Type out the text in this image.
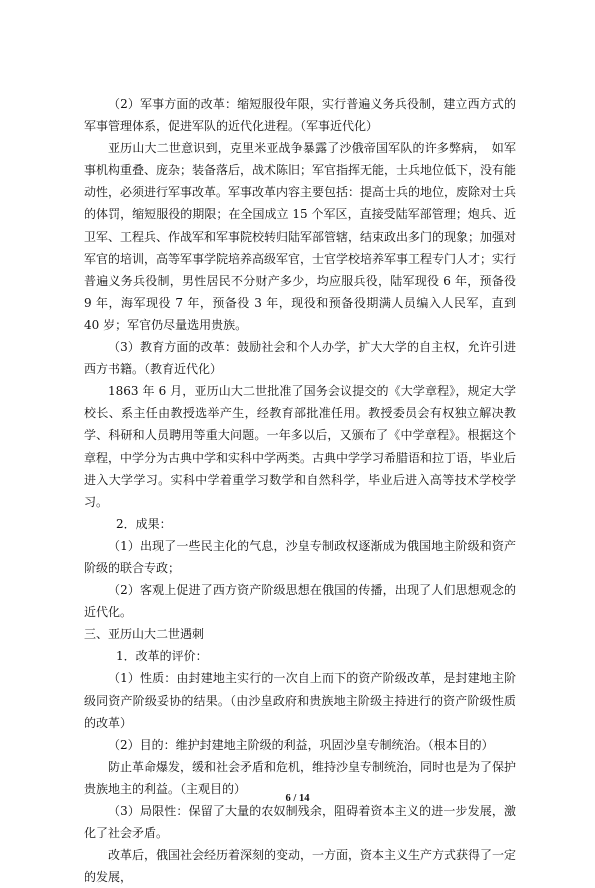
（2）军事方面的改革：缩短服役年限，实行普遍义务兵役制，建立西方式的军事管理体系，促进军队的近代化进程。（军事近代化）

亚历山大二世意识到，克里米亚战争暴露了沙俄帝国军队的许多弊病，　如军事机构重叠、庞杂；装备落后，战术陈旧；军官指挥无能，士兵地位低下，没有能动性，必须进行军事改革。军事改革内容主要包括：提高士兵的地位，废除对士兵的体罚，缩短服役的期限；在全国成立 15 个军区，直接受陆军部管理；炮兵、近卫军、工程兵、作战军和军事院校转归陆军部管辖，结束政出多门的现象；加强对军官的培训，高等军事学院培养高级军官，士官学校培养军事工程专门人才；实行普遍义务兵役制，男性居民不分财产多少，均应服兵役，陆军现役 6 年，预备役 9 年，海军现役 7 年，预备役 3 年，现役和预备役期满人员编入人民军，直到 40 岁；军官仍尽量选用贵族。

（3）教育方面的改革：鼓励社会和个人办学，扩大大学的自主权，允许引进西方书籍。（教育近代化）

1863 年 6 月，亚历山大二世批准了国务会议提交的《大学章程》，规定大学校长、系主任由教授选举产生，经教育部批准任用。教授委员会有权独立解决教学、科研和人员聘用等重大问题。一年多以后，又颁布了《中学章程》。根据这个章程，中学分为古典中学和实科中学两类。古典中学学习希腊语和拉丁语，毕业后进入大学学习。实科中学着重学习数学和自然科学，毕业后进入高等技术学校学习。

2．成果：

（1）出现了一些民主化的气息，沙皇专制政权逐渐成为俄国地主阶级和资产阶级的联合专政；

（2）客观上促进了西方资产阶级思想在俄国的传播，出现了人们思想观念的近代化。

三、亚历山大二世遇刺

1．改革的评价：

（1）性质：由封建地主实行的一次自上而下的资产阶级改革，是封建地主阶级同资产阶级妥协的结果。（由沙皇政府和贵族地主阶级主持进行的资产阶级性质的改革）

（2）目的：维护封建地主阶级的利益，巩固沙皇专制统治。（根本目的）

防止革命爆发，缓和社会矛盾和危机，维持沙皇专制统治，同时也是为了保护贵族地主的利益。（主观目的）

（3）局限性：保留了大量的农奴制残余，阻碍着资本主义的进一步发展，激化了社会矛盾。

改革后，俄国社会经历着深刻的变动，一方面，资本主义生产方式获得了一定的发展，

6 / 14
